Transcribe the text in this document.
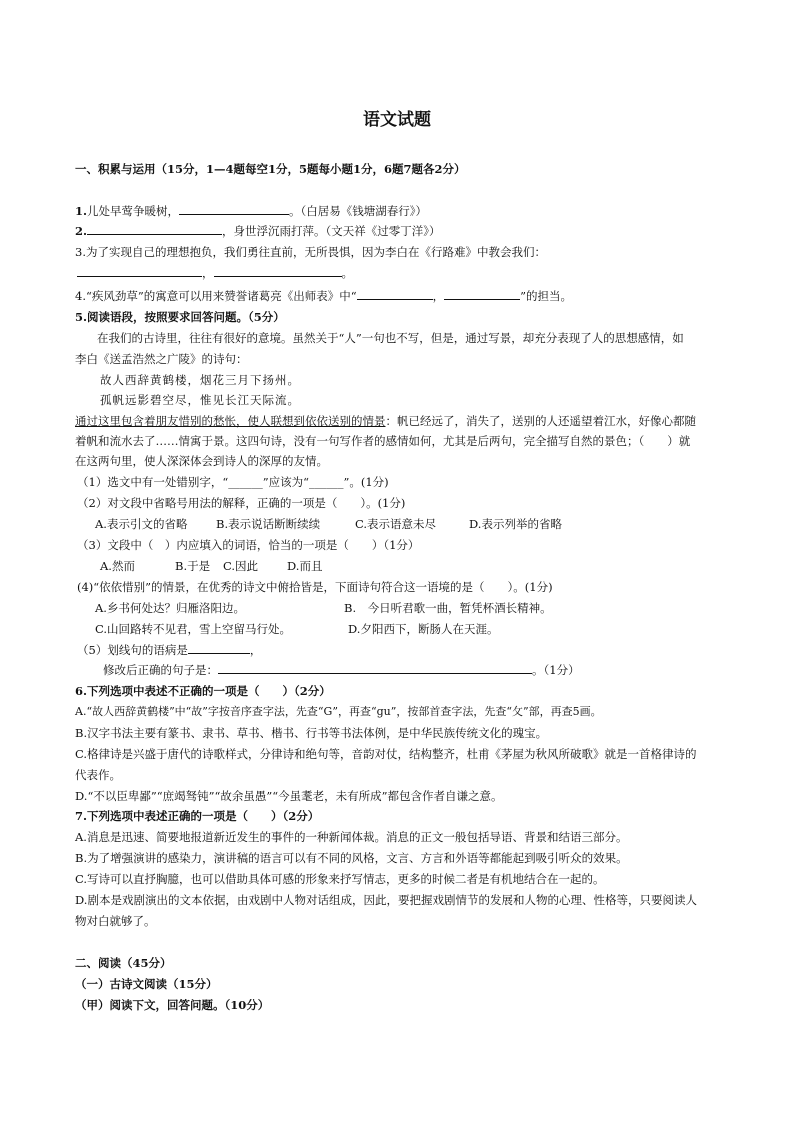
语文试题
一、积累与运用（15分，1—4题每空1分，5题每小题1分，6题7题各2分）
1.儿处早莺争暖树，	。（白居易《钱塘湖春行》）
2.	，身世浮沉雨打萍。（文天祥《过零丁洋》）
3.为了实现自己的理想抱负，我们勇往直前，无所畏惧，因为李白在《行路难》中教会我们：
，	。
4.“疾风劲草”的寓意可以用来赞誉诸葛亮《出师表》中“	，	”的担当。
5.阅读语段，按照要求回答问题。（5分）
在我们的古诗里，往往有很好的意境。虽然关于“人”一句也不写，但是，通过写景，却充分表现了人的思想感情，如
李白《送孟浩然之广陵》的诗句：
故人西辞黄鹤楼，烟花三月下扬州。
孤帆远影碧空尽，惟见长江天际流。
通过这里包含着朋友惜别的愁怅，使人联想到依依送别的情景：帆已经远了，消失了，送别的人还遥望着江水，好像心都随
着帆和流水去了……情寓于景。这四句诗，没有一句写作者的感情如何，尤其是后两句，完全描写自然的景色；（　　）就
在这两句里，使人深深体会到诗人的深厚的友情。
（1）选文中有一处错别字，“______”应该为“______”。(1分)
（2）对文段中省略号用法的解释，正确的一项是（　　）。(1分)
A.表示引文的省略 B.表示说话断断续续	C.表示语意未尽	D.表示列举的省略
（3）文段中（　）内应填入的词语，恰当的一项是（　　）（1分）
A.然而	B.于是 C.因此	D.而且
(4)“依依惜别”的情景，在优秀的诗文中俯拾皆是，下面诗句符合这一语境的是（　　）。(1分)
A.乡书何处达？归雁洛阳边。	B.　今日听君歌一曲，暂凭杯酒长精神。
C.山回路转不见君，雪上空留马行处。	D.夕阳西下，断肠人在天涯。
（5）划线句的语病是	，
修改后正确的句子是：	。（1分）
6.下列选项中表述不正确的一项是（　　）（2分）
A.“故人西辞黄鹤楼”中“故”字按音序查字法，先查“G”，再查“gu”，按部首查字法，先查“攵”部，再查5画。
B.汉字书法主要有篆书、隶书、草书、楷书、行书等书法体例，是中华民族传统文化的瑰宝。
C.格律诗是兴盛于唐代的诗歌样式，分律诗和绝句等，音韵对仗，结构整齐，杜甫《茅屋为秋风所破歌》就是一首格律诗的
代表作。
D.“不以臣卑鄙”“庶竭驽钝”“故余虽愚”“今虽耄老，未有所成”都包含作者自谦之意。
7.下列选项中表述正确的一项是（　　）（2分）
A.消息是迅速、简要地报道新近发生的事件的一种新闻体裁。消息的正文一般包括导语、背景和结语三部分。
B.为了增强演讲的感染力，演讲稿的语言可以有不同的风格，文言、方言和外语等都能起到吸引听众的效果。
C.写诗可以直抒胸臆，也可以借助具体可感的形象来抒写情志，更多的时候二者是有机地结合在一起的。
D.剧本是戏剧演出的文本依据，由戏剧中人物对话组成，因此，要把握戏剧情节的发展和人物的心理、性格等，只要阅读人
物对白就够了。
二、阅读（45分）
（一）古诗文阅读（15分）
（甲）阅读下文，回答问题。（10分）
